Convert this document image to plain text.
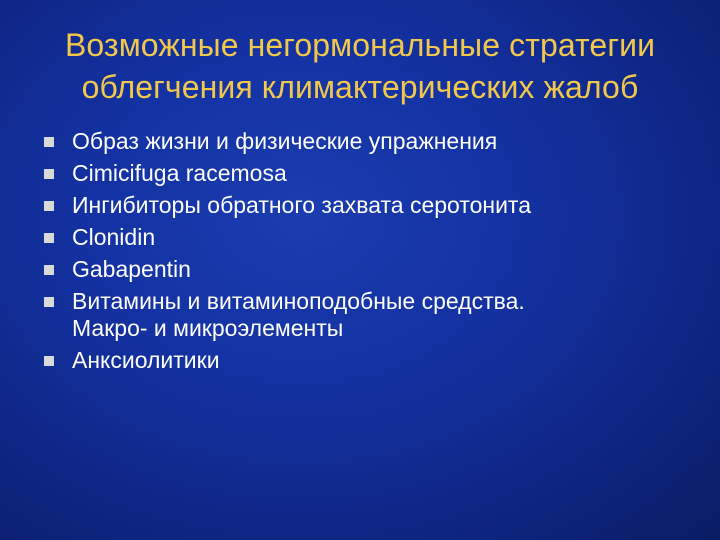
Возможные негормональные стратегии
облегчения климактерических жалоб
Образ жизни и физические упражнения
Cimicifuga racemosa
Ингибиторы обратного захвата серотонита
Clonidin
Gabapentin
Витамины и витаминоподобные средства.
Макро- и микроэлементы
Анксиолитики
